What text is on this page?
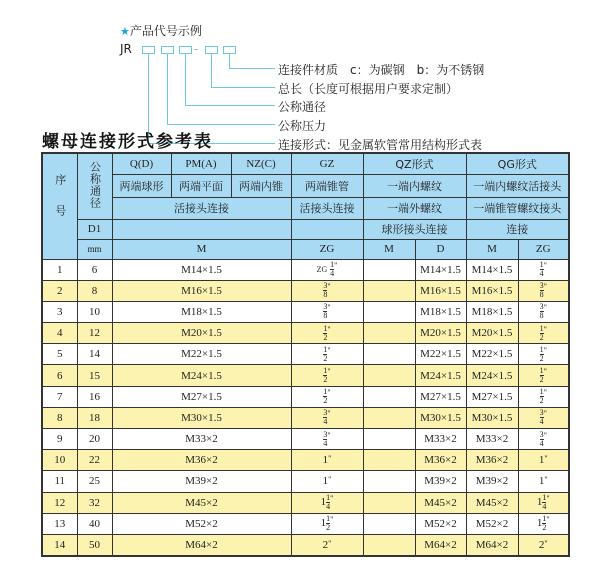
★产品代号示例
JR	-
连接件材质　c：为碳钢　b：为不锈钢
总长（长度可根据用户要求定制）
公称通径
公称压力
连接形式：见金属软管常用结构形式表
螺母连接形式参考表
序号	公称通径	Q(D)	PM(A)	NZ(C)	GZ	QZ形式		QG形式	
		两端球形	两端平面	两端内锥	两端锥管	一端内螺纹		一端内螺纹活接头	
		活接头连接			活接头连接	一端外螺纹		一端锥管螺纹接头	
	D1					球形接头连接		连接	
	mm	M			ZG	M	D	M	ZG
1	6	M14×1.5			ZG $\frac{1}{4} ^"$		M14×1.5	M14×1.5	$\frac{1}{4} ^"$
2	8	M16×1.5			$\frac{3}{8} ^"$		M16×1.5	M16×1.5	$\frac{3}{8} ^"$
3	10	M18×1.5			$\frac{3}{8} ^"$		M18×1.5	M18×1.5	$\frac{3}{8} ^"$
4	12	M20×1.5			$\frac{1}{2} ^"$		M20×1.5	M20×1.5	$\frac{1}{2} ^"$
5	14	M22×1.5			$\frac{1}{2} ^"$		M22×1.5	M22×1.5	$\frac{1}{2} ^"$
6	15	M24×1.5			$\frac{1}{2} ^"$		M24×1.5	M24×1.5	$\frac{1}{2} ^"$
7	16	M27×1.5			$\frac{1}{2} ^"$		M27×1.5	M27×1.5	$\frac{1}{2} ^"$
8	18	M30×1.5			$\frac{3}{4} ^"$		M30×1.5	M30×1.5	$\frac{3}{4} ^"$
9	20	M33×2			$\frac{3}{4} ^"$		M33×2	M33×2	$\frac{3}{4} ^"$
10	22	M36×2			1"		M36×2	M36×2	1"
11	25	M39×2			1"		M39×2	M39×2	1"
12	32	M45×2			$1 \frac{1}{4} ^"$		M45×2	M45×2	$1 \frac{1}{4} ^"$
13	40	M52×2			$1 \frac{1}{2} ^"$		M52×2	M52×2	$1 \frac{1}{2} ^"$
14	50	M64×2			2"		M64×2	M64×2	2"
